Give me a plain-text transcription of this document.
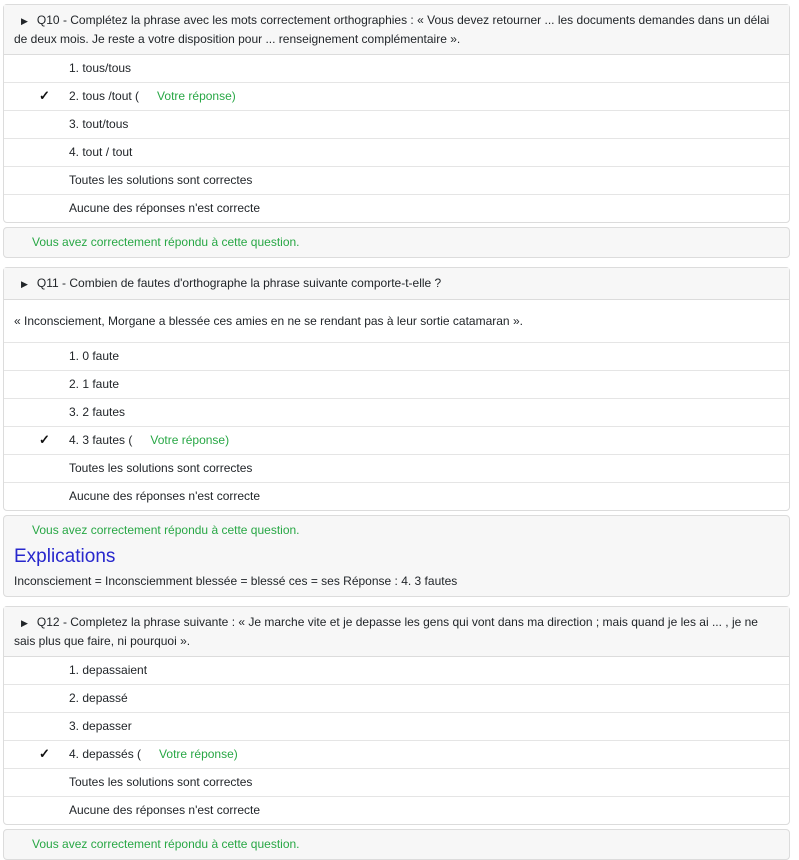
▶ Q10 - Complétez la phrase avec les mots correctement orthographies : « Vous devez retourner ... les documents demandes dans un délai de deux mois. Je reste a votre disposition pour ... renseignement complémentaire ».
1. tous/tous
✓	2. tous /tout ( Votre réponse)
3. tout/tous
4. tout / tout
Toutes les solutions sont correctes
Aucune des réponses n'est correcte
Vous avez correctement répondu à cette question.
▶ Q11 - Combien de fautes d'orthographe la phrase suivante comporte-t-elle ?
« Inconsciement, Morgane a blessée ces amies en ne se rendant pas à leur sortie catamaran ».
1. 0 faute
2. 1 faute
3. 2 fautes
✓	4. 3 fautes ( Votre réponse)
Toutes les solutions sont correctes
Aucune des réponses n'est correcte
Vous avez correctement répondu à cette question.
Explications
Inconsciement = Inconsciemment blessée = blessé ces = ses Réponse : 4. 3 fautes
▶ Q12 - Completez la phrase suivante : « Je marche vite et je depasse les gens qui vont dans ma direction ; mais quand je les ai ... , je ne sais plus que faire, ni pourquoi ».
1. depassaient
2. depassé
3. depasser
✓	4. depassés ( Votre réponse)
Toutes les solutions sont correctes
Aucune des réponses n'est correcte
Vous avez correctement répondu à cette question.
